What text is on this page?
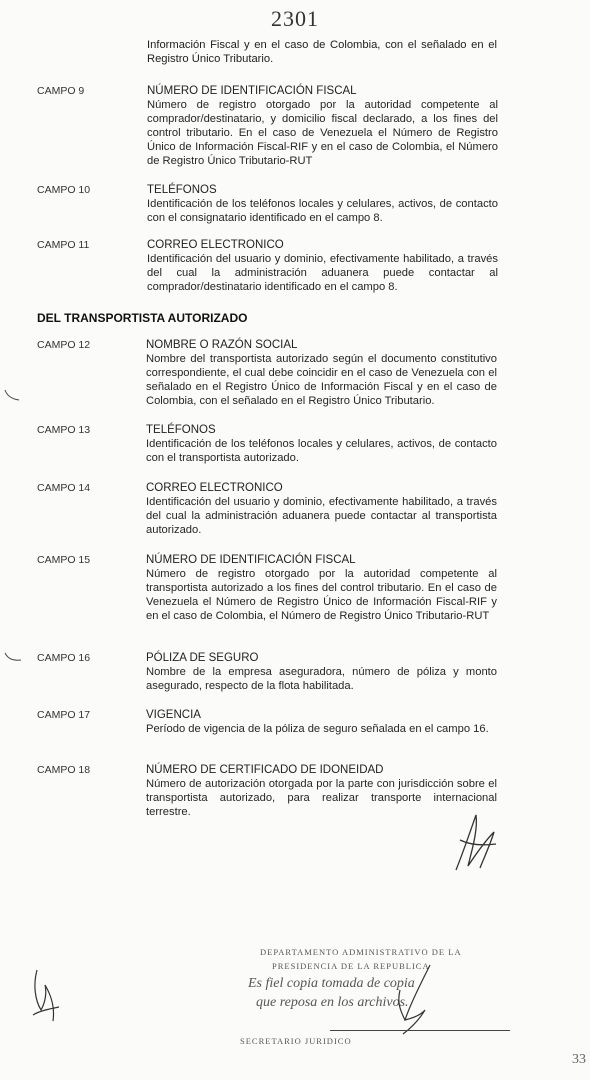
2301
Información Fiscal y en el caso de Colombia, con el señalado en el Registro Único Tributario.
CAMPO 9	NÚMERO DE IDENTIFICACIÓN FISCAL
Número de registro otorgado por la autoridad competente al comprador/destinatario, y domicilio fiscal declarado, a los fines del control tributario. En el caso de Venezuela el Número de Registro Único de Información Fiscal-RIF y en el caso de Colombia, el Número de Registro Único Tributario-RUT
CAMPO 10	TELÉFONOS
Identificación de los teléfonos locales y celulares, activos, de contacto con el consignatario identificado en el campo 8.
CAMPO 11	CORREO ELECTRONICO
Identificación del usuario y dominio, efectivamente habilitado, a través del cual la administración aduanera puede contactar al comprador/destinatario identificado en el campo 8.
DEL TRANSPORTISTA AUTORIZADO
CAMPO 12	NOMBRE O RAZÓN SOCIAL
Nombre del transportista autorizado según el documento constitutivo correspondiente, el cual debe coincidir en el caso de Venezuela con el señalado en el Registro Único de Información Fiscal y en el caso de Colombia, con el señalado en el Registro Único Tributario.
CAMPO 13	TELÉFONOS
Identificación de los teléfonos locales y celulares, activos, de contacto con el transportista autorizado.
CAMPO 14	CORREO ELECTRONICO
Identificación del usuario y dominio, efectivamente habilitado, a través del cual la administración aduanera puede contactar al transportista autorizado.
CAMPO 15	NÚMERO DE IDENTIFICACIÓN FISCAL
Número de registro otorgado por la autoridad competente al transportista autorizado a los fines del control tributario. En el caso de Venezuela el Número de Registro Único de Información Fiscal-RIF y en el caso de Colombia, el Número de Registro Único Tributario-RUT
CAMPO 16	PÓLIZA DE SEGURO
Nombre de la empresa aseguradora, número de póliza y monto asegurado, respecto de la flota habilitada.
CAMPO 17	VIGENCIA
Período de vigencia de la póliza de seguro señalada en el campo 16.
CAMPO 18	NÚMERO DE CERTIFICADO DE IDONEIDAD
Número de autorización otorgada por la parte con jurisdicción sobre el transportista autorizado, para realizar transporte internacional terrestre.
DEPARTAMENTO ADMINISTRATIVO DE LA
PRESIDENCIA DE LA REPUBLICA
Es fiel copia tomada de copia
que reposa en los archivos.
SECRETARIO JURIDICO
33
